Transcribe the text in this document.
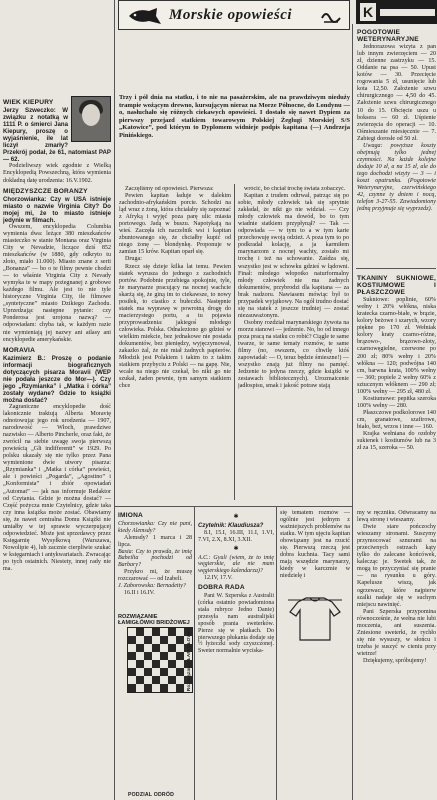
Morskie opowieści	K
WIEK KIEPURY

Jerzy Szweczko: W związku z notatką w 1111 P. o śmierci Jana Kiepury, proszę o wyjaśnienie, ile lat liczył zmarły? Przekrój podał, że 61, natomiast PAP — 62.

Podzieliwszy wiek zgodnie z Wielką Encyklopedią Powszechną, która wymienia dokładną datę urodzenia: 16.V.1902.

MIĘDZYSZCZE BORANZY

Chorzowianka: Czy w USA istnieje miasto o nazwie Virginia City? Do mojej mi, że to miasto istnieje jedynie w filmach.

Owszem, encyklopedia Columbia wymienia dwa: leżące 380 mieszkańców miasteczko w stanie Montana oraz Virginia City w Nevadzie, liczące dziś 852 mieszkańców (w 1880, gdy odkryto tu złoto, miało 11.000). Miasto znane z serii „Bonanza” — bo o te filmy pewnie chodzi — to właśnie Virginia City z Nevady wymyka te w mapy pożegnanej z grobowe każdego filmu. Ale jest to nie tyle historyczne Virginia City, ile filmowe „syntetyczne” miasto Dzikiego Zachodu. Uprzedzając następne pytanie: czy Ponderosa jest urojona nazwą? — odpowiadam: chyba tak, w każdym razie nie wymieniają jej nazwy ani atlasy ani encyklopedie amerykańskie.

MORAVIA

Kazimierz B.: Proszę o podanie informacji biograficznych dotyczących pisarza Moravii (WEP nie podała jeszcze do Mor—). Czy jego „Rzymianka” i „Matka i córka” zostały wydane? Gdzie to książki można dostać?

Zagraniczne encyklopedie dość lakonicznie traktują Alberta Moravię odnotowując jego rok urodzenia — 1907, narodowość — Włoch, prawdziwe nazwisko — Alberto Pincherle, oraz fakt, że zwrócił na siebie uwagę swoja pierwszą powieścią „Gli indifferenti” w 1929. Po polsku ukazały się nie tylko przez Pana wymienione dwie utwory pisarza: „Rzymianka” i „Matka i córka” powieści, ale i powieści „Pogarda”, „Agostino” i „Konformista” i zbiór opowiadań „Automat” — jak nas informuje Redaktor od Czytania. Gdzie je można dostać? — Część pożycza mnie Czytelnicy, gdzie taka czy inna książka może zostać. Obawiamy się, że nawet centralna Domu Książki nie umiałby w tej sprawie wyczerpującej odpowiedzieć. Może jest sprzedawcy przez Księgarnię Wysyłkową (Warszawa, Nowolipie 4), lub zacznie cierpliwie szukać w księgarniach i antykwariatach. Zwracając po tych ostatnich. Niestety, innej rady nie ma.

Trzy i pół dnia na statku, i to nie na pasażerskim, ale na prawdziwym nieduży trampie wożącym drewno, kursującym nieraz na Morze Północne, do Londynu — o, nasłuchało się różnych ciekawych opowieści. I dostało się nawet Dypiem za pierwszy przejazd statkiem towarowym Polskiej Żeglugi Morskiej S/S „Katowice”, pod którym to Dyplomem widnieje podpis kapitana (—) Andrzeja Pinińskiego.

Zaczęliśmy od opowieści. Pierwsza:

Pewien kapitan ładuje w dalekim zachodnio-afrykańskim porcie. Schodzi na ląd wraz z żoną, która chciałaby się zapoznać z Afryką i wyjęć poza parę ulic miasta portowego. Jadą w buszu. Napotykają na wieś. Zaczęła ich naczelnik wsi i kapitan zbuntowanego się, że chciałby kupić od niego żonę — blondynkę. Proponuje w zamian 15 krów. Kapitan oparł się.

Druga:

Rzecz się dzieje kilka lat temu. Pewien statek wyrusza do jednego z zachodnich portów. Podobnie przebiega spokojnie, tyle, że marynarze pracujący na nocnej wachcie skarżą się, że giną im to ciekawsze, to nowy posiłek, to ciastko z bułeczki. Następnie statek ma wyprawę w powrotną drogę do macierzystego portu, a tu pojawia przyprowadzenia: jakiegoś młodego człowieka. Polska. Odnaleziono go gdzieś w wielkim miekcie, bez jednakowe nie posiada dokumentów, bez pieniędzy, wyjęczymował, zakazko żal, że nie miał żadnych papierów. Młodzik jest Polakiem i takim to z takim statkiem przybyciu z Polski — na gapę. Nie, wcale na niego nie czekał, bo nikt go nie szukał, żaden pewnie, tym samym statkiem chce

wrócić, bo chciał trochę świata zobaczyć.

Kapitan z trudem odtrwał, patrząc się po sobie, młody człowiek tak się sprytnie zakładał, że nikt go nie widział. — Czy młody człowiek ma dowód, bo to tym wiadnie statkiem przypłynął? — Tak — odpowiada — w tym to a w tym karie przechowuję swoją odzież. A poza tym to po podkradał kolację, a ja karmiłem marynarzom z nocnej wachty, zostało mi trochę i też na schowanie. Zaśdza się, wszystko jest w schowku gdzieś w łądowni. Finał: młodego włopotko naturformalny młody człowiek nie ma żadnych dokumentów, przybrodzi dla kapitana — za brak nadzoru. Nawiasem mówiąc był to przypadek wyjątkowy. Na ogół trudno dostać się na statek z jeszcze trudniej — zostać niezauważonym.

Osobny rozdział marynarskiego żywota na morzu stanowi — jedzenie. No, bo od innego poza pracą na statku co robić? Ciągle te same twarze, te same tematy rozmów, te same filmy (no, owszem, co chwilę któś zapowiadał: — O, teraz będzie śmieszne!) — wszystko znają już filmy na pamięć. Jedzenie to jedyna rzeczy, gdzie książki w zestawach bibliotecznych). Urozmaicenie jadłospisu, smak i jakość potraw stają

IMIONA

Chorzowianka: Czy nie pani, kiedy Alemsdy?

Alemsdy? 1 marca i 28 lipca.

Basia: Czy to prawda, że imię Babeilia pochodzi od Barbary?

Przykro mi, że muszę rozczarować — od Izabeli.

J. Zaborowska: Bernadetty?

16.II i 16.IV.

ROZWIĄZANIE ŁAMIGŁÓWKI BRIDŻOWEJ
PODZIAL ODRÓD
Rozwiązanie ŁAMIGŁOWKI
✱

Czytelnik: Klaudiusza?

8.I, 15.I, 16.III, 11.I, 1.VI, 7.VI, 2.X, 8.XI, 3.XII.

✱

A.C.: Gyuli (wiem, że to imię węgierskie, ale nie mam węgierskiego kalendarza)?

12.IV, 17.V.

DOBRA RADA

Pani W. Szperska z Australii (córka ostatnio powiadomiona stała rubryce Jedno Danie) przesyła nam australijski sposób prania sweterków. Pierze się w płatkach. Do pierwszego płukania dodaje się ½ łyżeczki sody czyszczonej. Sweter normalnie wyciska-

POGOTOWIE WETERYNARYJNE

Jednorazowa wizyta z pan lub innym zwierzęciem — 20 zł, dzienne zastrzyku — 15. Oddanie na psa — 50. Upust kotów — 30. Przecięcie rogowania 5 zł, usunięcie lub kota 12,50. Założenie szwu chirurgicznego — 4,50 do 45. Założenie szwu chirurgicznego 10 do 15. Obcięcie uszu u boksera — 60 zł. Uśpienie zwierzęcia do operacji — 10. Ośmieszanie miesięcznie — 7. Zabiegi dorosłe od 50 zł.

Uwaga: powyższe koszty obejmują tylko jednej czynności. Na każde kolejne dodaje 10 zł, a na 15 zł, ale do tego dochodzi wizyty — 3 — i koszt opatrunku. (Pogotowie Weterynaryjne, czerwińskiego 42, czynne ty dniem i nocą, telefon 3-27-55. Zawiadomiony jedną przyjmuje się wyprzedz).

TKANINY SUKNIOWE, KOSTIUMOWE I PŁASZCZOWE

Sukniowe: poplinie, 60% wełny i 20% włókna, niska kratecka czarno-białe, w brązie, kolory beżowe i szarych, wzory piękne po 170 zł. Wełniak kolory kraty czarno-różne, brązowo-, brązowo-złoty, czarnowęgielne, czerwone po 200 zł; 80% wełny i 20% włókna — 120; podwójna 140 cm, barwna krata, 100% wełny — 360; popiele 2 wełny 60% z sztucznym włóknem — 290 zł; 100% wełny — 295 zł, 480 zł.

Kostiumowe: pepitka szeroka 100% wełny — 280.

Płaszczowe podkolorowe 140 cm, granatowe, szafirowe, biało, beż, wrzos i inne — 160.

Krajka wełniana do ozdoby sukienek i kostiumów lub na 3 zł za 15, szeroka — 50.

się tematem rozmów — ogólnie jest jednym z ważniejszych problemów na statku. W tym ujęciu kapitan obowiązany jest na rzucić się. Pierwszą rzeczą jest dobra kuchnia. Tacy sami mają wszędzie marynarzy, kiedy w karczmie w niedzielę i

my w ręczniku. Odwracamy na lewą stronę i wieszamy.

Dwie stare pończochy wieszamy stronami. Suszymy przymocować sznurami na przeciwnych ostrzach kąty tylko do zalecane końcówek, kalecząc je. Swetek tak, że mogą to przyczyniać się pranie — na rysunku u góry. Kapelusze wiszą, jak ogrzewacz, które najpierw szalki nadaje się w suchym miejscu nawinięć.

Pani Szperska przypomina równocześnie, że wełna nie lubi moczenia, ani suszenia. Zniesione sweterki, że rychło się nie wysuszy, w słońcu i trzeba je suszyć w cieniu przy wietrze!

Dziękujemy, spróbujemy!
